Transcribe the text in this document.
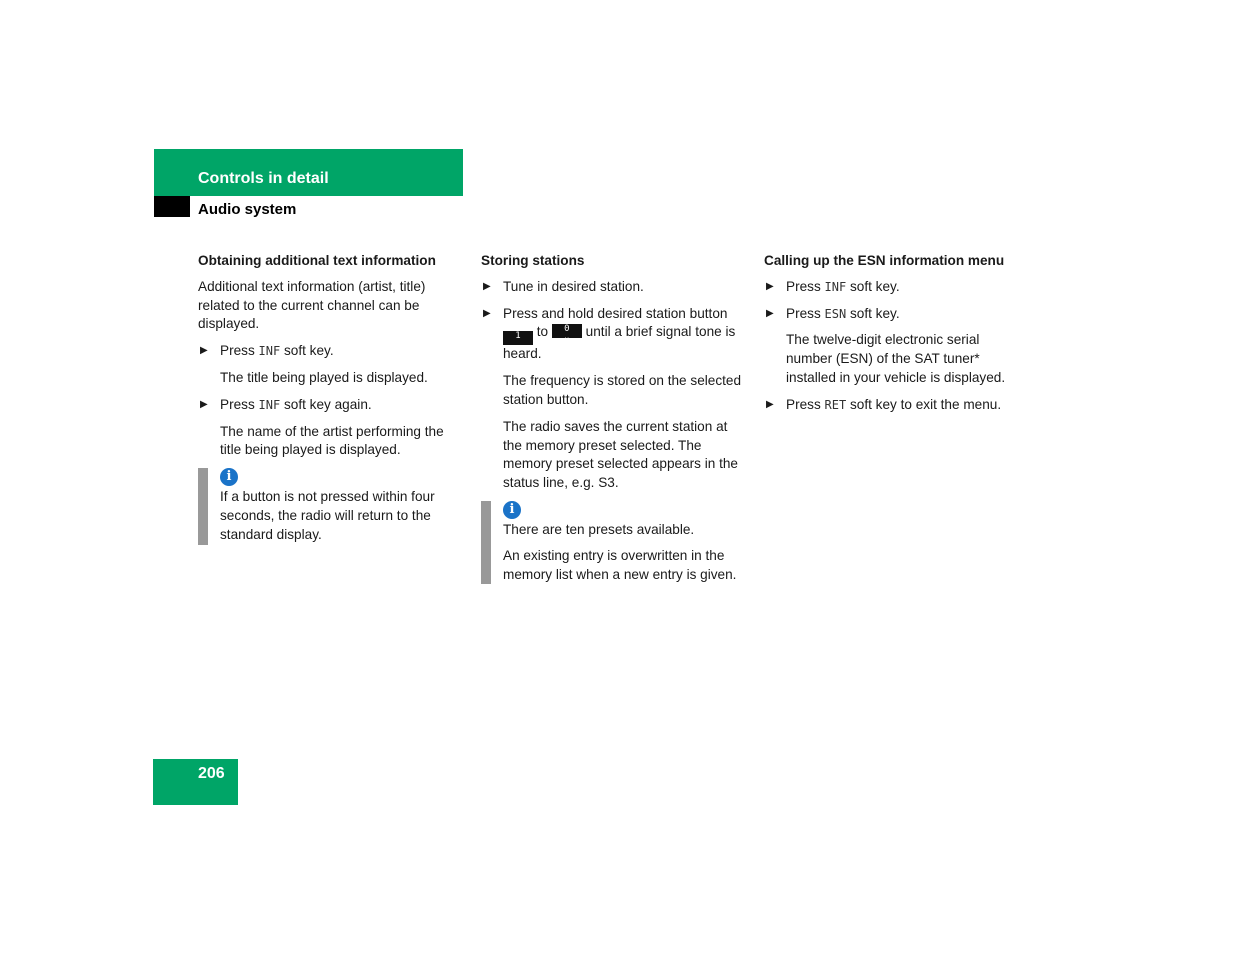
Controls in detail
Audio system
Obtaining additional text information
Additional text information (artist, title) related to the current channel can be displayed.
▶ Press INF soft key.
The title being played is displayed.
▶ Press INF soft key again.
The name of the artist performing the title being played is displayed.
i
If a button is not pressed within four seconds, the radio will return to the standard display.
Storing stations
▶ Tune in desired station.
▶ Press and hold desired station button
1 to	0
␣ until a brief signal tone is heard.
The frequency is stored on the selected station button.
The radio saves the current station at the memory preset selected. The memory preset selected appears in the status line, e.g. S3.
i
There are ten presets available.
An existing entry is overwritten in the memory list when a new entry is given.
Calling up the ESN information menu
▶ Press INF soft key.
▶ Press ESN soft key.
The twelve-digit electronic serial number (ESN) of the SAT tuner* installed in your vehicle is displayed.
▶ Press RET soft key to exit the menu.
206
